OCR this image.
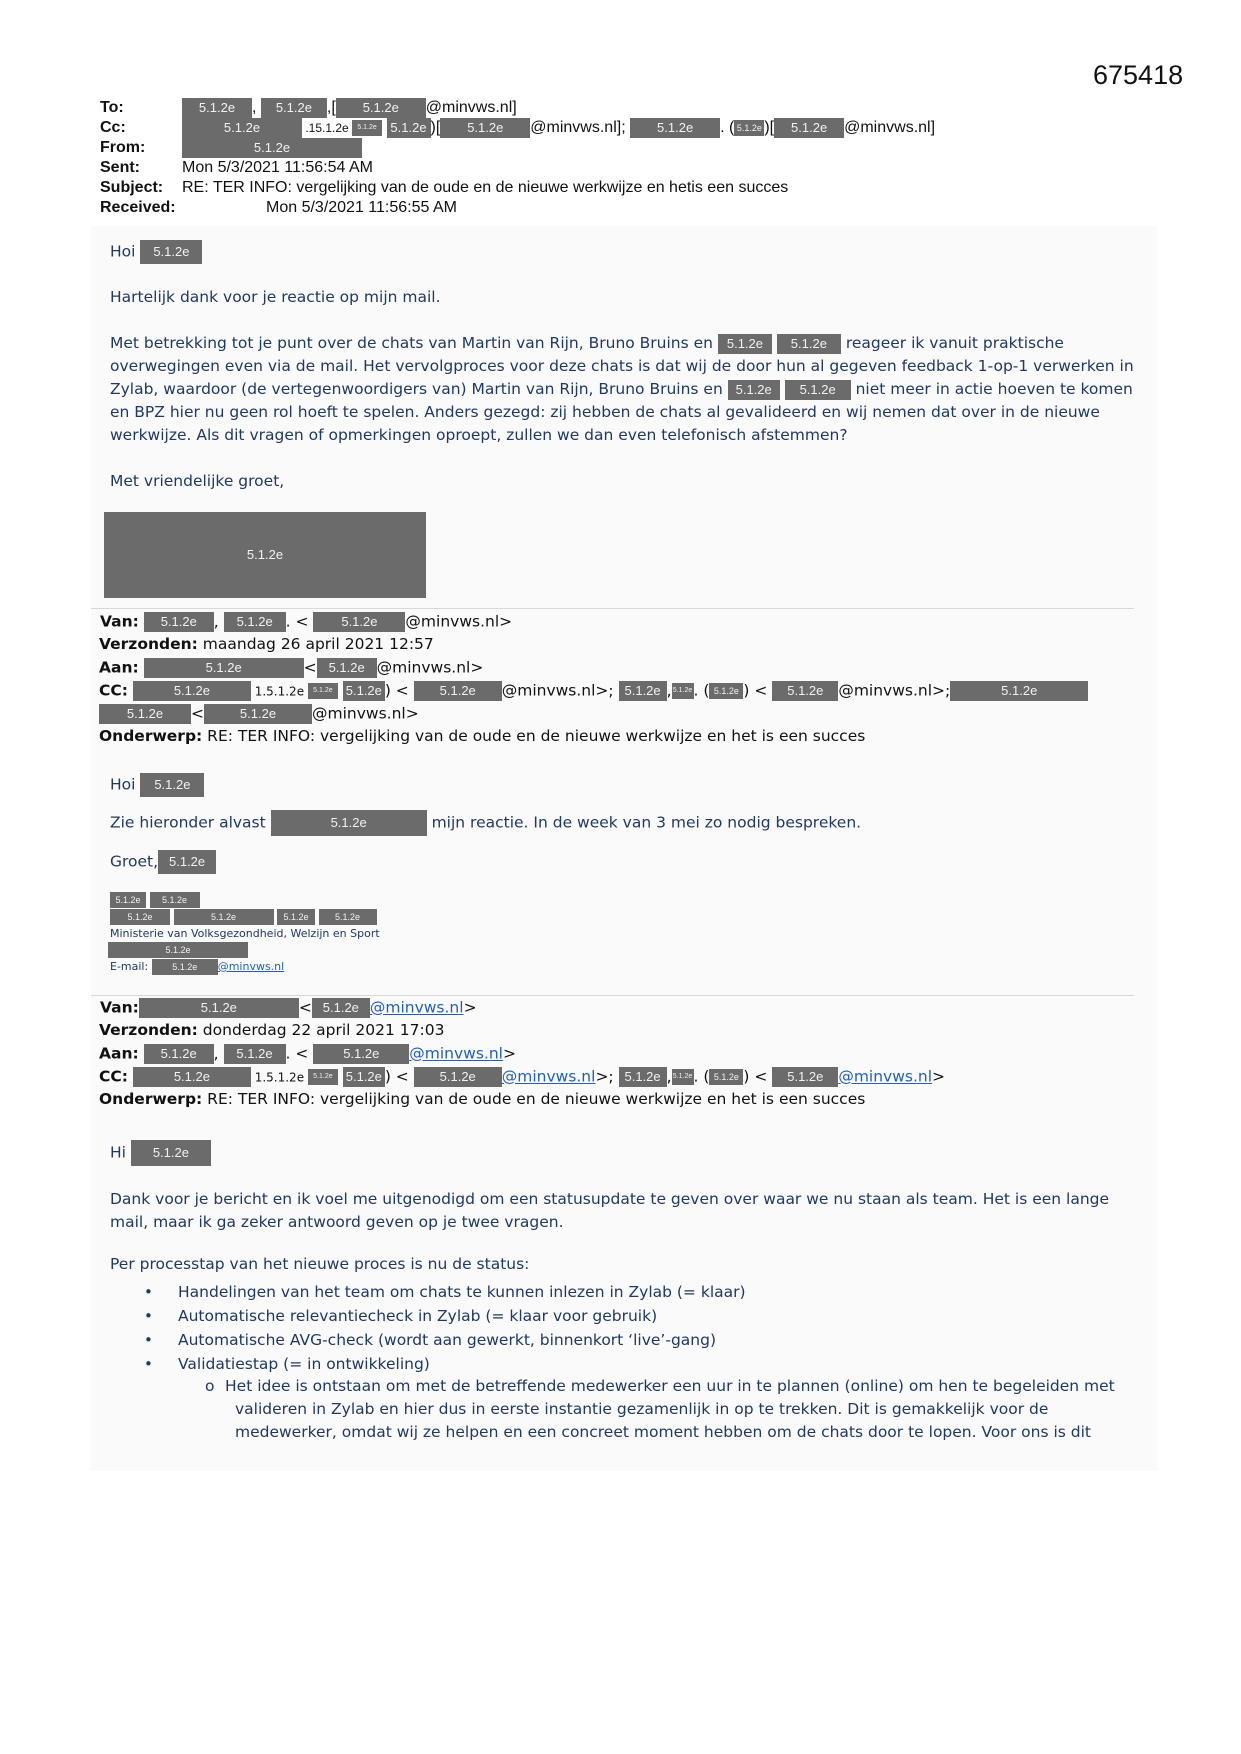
675418
To:	5.1.2e , 5.1.2e ,[ 5.1.2e @minvws.nl]
Cc:	5.1.2e	.15.1.2e 5.1.2e 5.1.2e )[ 5.1.2e @minvws.nl]; 5.1.2e . ( 5.1.2e )[ 5.1.2e @minvws.nl]
From:	5.1.2e
Sent:	Mon 5/3/2021 11:56:54 AM
Subject: RE: TER INFO: vergelijking van de oude en de nieuwe werkwijze en hetis een succes
Received:	Mon 5/3/2021 11:56:55 AM
Hoi 5.1.2e
Hartelijk dank voor je reactie op mijn mail.
Met betrekking tot je punt over de chats van Martin van Rijn, Bruno Bruins en 5.1.2e 5.1.2e reageer ik vanuit praktische
overwegingen even via de mail. Het vervolgproces voor deze chats is dat wij de door hun al gegeven feedback 1-op-1 verwerken in
Zylab, waardoor (de vertegenwoordigers van) Martin van Rijn, Bruno Bruins en 5.1.2e 5.1.2e niet meer in actie hoeven te komen
en BPZ hier nu geen rol hoeft te spelen. Anders gezegd: zij hebben de chats al gevalideerd en wij nemen dat over in de nieuwe
werkwijze. Als dit vragen of opmerkingen oproept, zullen we dan even telefonisch afstemmen?
Met vriendelijke groet,
5.1.2e
Van: 5.1.2e , 5.1.2e . < 5.1.2e @minvws.nl>
Verzonden: maandag 26 april 2021 12:57
Aan:	5.1.2e	< 5.1.2e @minvws.nl>
CC:	5.1.2e	1.5.1.2e 5.1.2e 5.1.2e ) < 5.1.2e @minvws.nl>; 5.1.2e ,5.1.2e. ( 5.1.2e ) < 5.1.2e @minvws.nl>;	5.1.2e
5.1.2e <	5.1.2e @minvws.nl>
Onderwerp: RE: TER INFO: vergelijking van de oude en de nieuwe werkwijze en het is een succes
Hoi 5.1.2e
Zie hieronder alvast	5.1.2e	mijn reactie. In de week van 3 mei zo nodig bespreken.
Groet, 5.1.2e
5.1.2e 5.1.2e
5.1.2e	5.1.2e	5.1.2e	5.1.2e
Ministerie van Volksgezondheid, Welzijn en Sport
5.1.2e
E-mail:	5.1.2e @minvws.nl
Van:	5.1.2e	< 5.1.2e @minvws.nl>
Verzonden: donderdag 22 april 2021 17:03
Aan: 5.1.2e , 5.1.2e . < 5.1.2e @minvws.nl>
CC:	5.1.2e	1.5.1.2e 5.1.2e 5.1.2e ) < 5.1.2e @minvws.nl>; 5.1.2e ,5.1.2e. ( 5.1.2e ) < 5.1.2e @minvws.nl>
Onderwerp: RE: TER INFO: vergelijking van de oude en de nieuwe werkwijze en het is een succes
Hi 5.1.2e
Dank voor je bericht en ik voel me uitgenodigd om een statusupdate te geven over waar we nu staan als team. Het is een lange
mail, maar ik ga zeker antwoord geven op je twee vragen.
Per processtap van het nieuwe proces is nu de status:
• Handelingen van het team om chats te kunnen inlezen in Zylab (= klaar)
• Automatische relevantiecheck in Zylab (= klaar voor gebruik)
• Automatische AVG-check (wordt aan gewerkt, binnenkort ‘live’-gang)
• Validatiestap (= in ontwikkeling)
o Het idee is ontstaan om met de betreffende medewerker een uur in te plannen (online) om hen te begeleiden met
valideren in Zylab en hier dus in eerste instantie gezamenlijk in op te trekken. Dit is gemakkelijk voor de
medewerker, omdat wij ze helpen en een concreet moment hebben om de chats door te lopen. Voor ons is dit
